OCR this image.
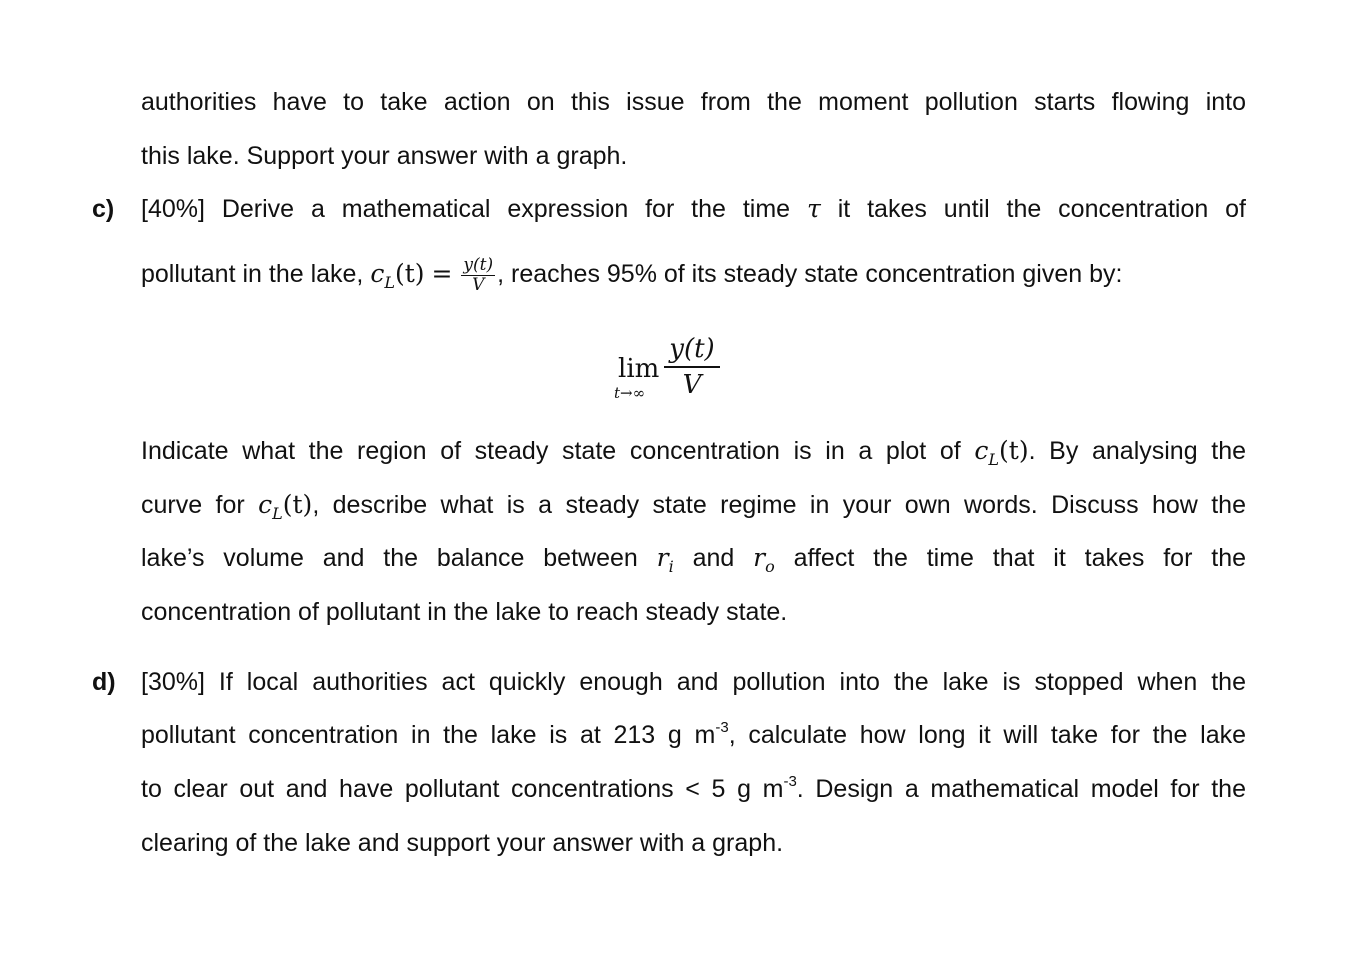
authorities have to take action on this issue from the moment pollution starts flowing into
this lake. Support your answer with a graph.
c) [40%] Derive a mathematical expression for the time τ it takes until the concentration of
pollutant in the lake, $c_L(t) = \frac{y(t)}{V}$ , reaches 95% of its steady state concentration given by:
lim
$t\to\infty \frac{y(t)}{V}$
Indicate what the region of steady state concentration is in a plot of $c_L(t)$. By analysing the
curve for $c_L(t)$, describe what is a steady state regime in your own words. Discuss how the
lake’s volume and the balance between $r_i$ and $r_o$ affect the time that it takes for the
concentration of pollutant in the lake to reach steady state.
d) [30%] If local authorities act quickly enough and pollution into the lake is stopped when the
pollutant concentration in the lake is at 213 g $m^{-3}$, calculate how long it will take for the lake
to clear out and have pollutant concentrations < 5 g $m^{-3}$. Design a mathematical model for the
clearing of the lake and support your answer with a graph.
